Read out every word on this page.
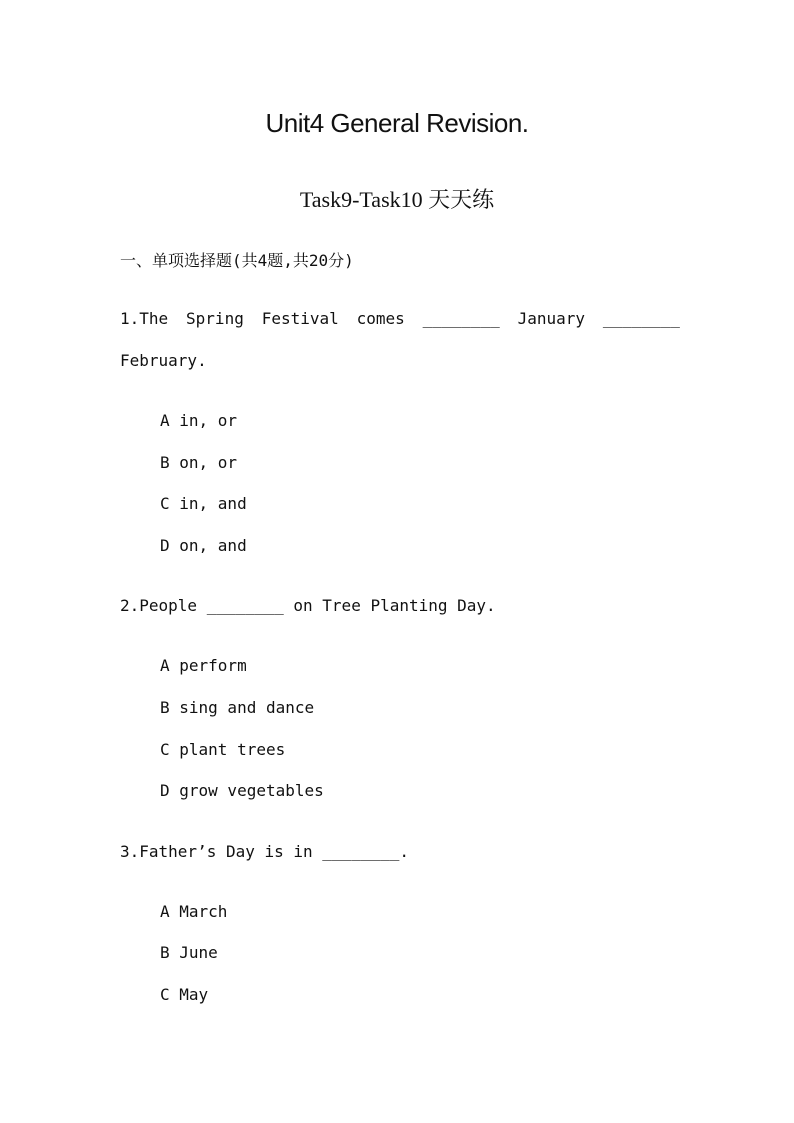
Unit4 General Revision.
Task9-Task10 天天练
一、单项选择题(共4题,共20分)
1.The Spring Festival comes ________ January ________
February.
A in, or
B on, or
C in, and
D on, and
2.People ________ on Tree Planting Day.
A perform
B sing and dance
C plant trees
D grow vegetables
3.Father’s Day is in ________.
A March
B June
C May
